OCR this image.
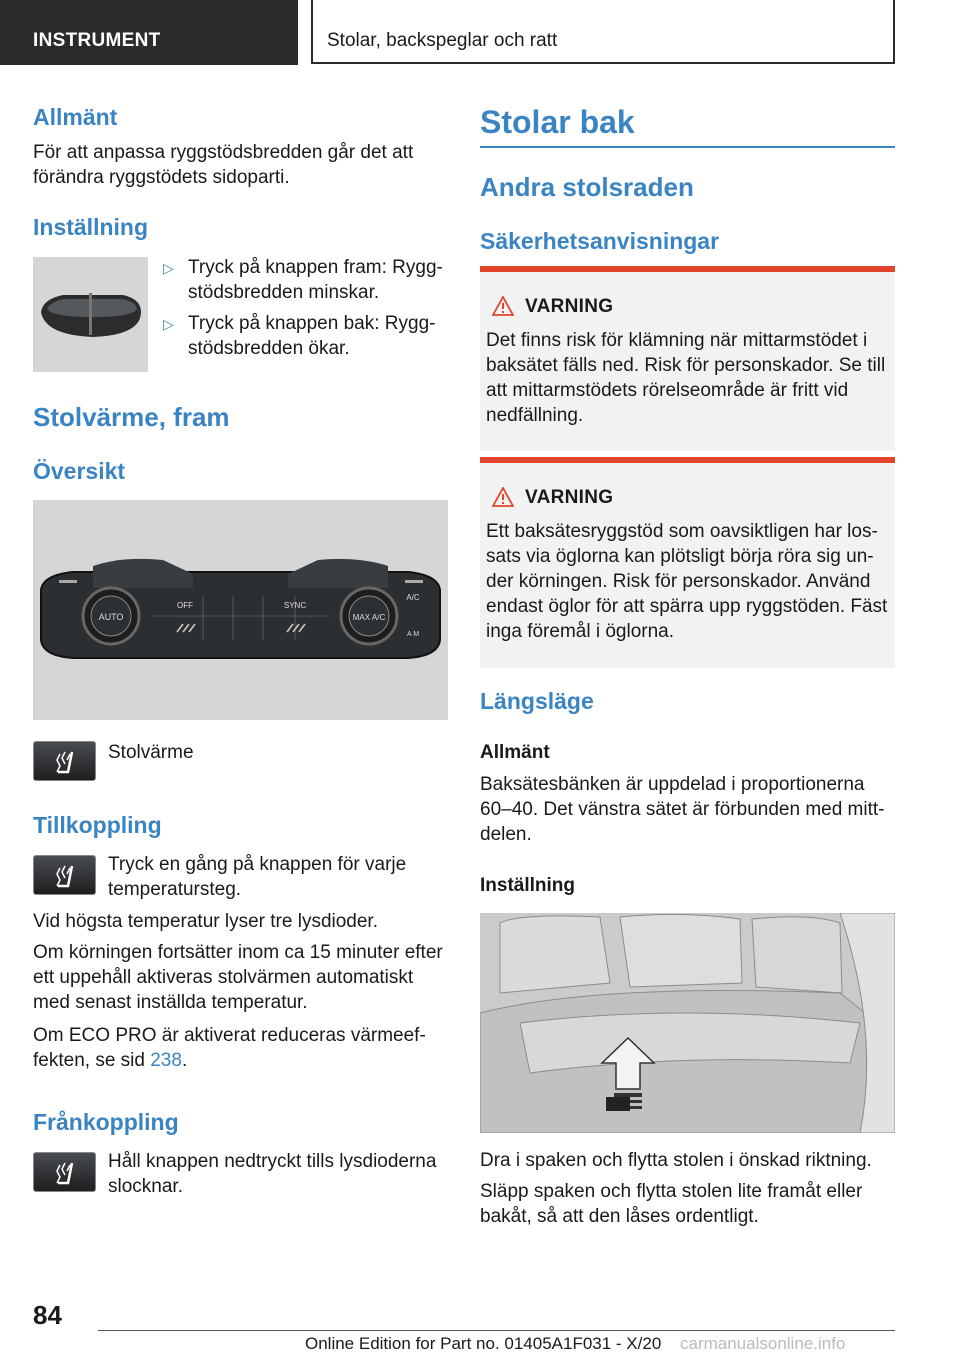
INSTRUMENT	Stolar, backspeglar och ratt
Allmänt
För att anpassa ryggstödsbredden går det att förändra ryggstödets sidoparti.
Inställning
▷ Tryck på knappen fram: Ryggstödsbredden minskar.
▷ Tryck på knappen bak: Ryggstödsbredden ökar.
Stolvärme, fram
Översikt
AUTO
OFF	SYNC
MAX A/C
A/C
A M
Stolvärme
Tillkoppling
Tryck en gång på knappen för varje temperatursteg.
Vid högsta temperatur lyser tre lysdioder.
Om körningen fortsätter inom ca 15 minuter efter ett uppehåll aktiveras stolvärmen automatiskt med senast inställda temperatur.
Om ECO PRO är aktiverat reduceras värmeeffekten, se sid 238.
Frånkoppling
Håll knappen nedtryckt tills lysdioderna slocknar.
Stolar bak
Andra stolsraden
Säkerhetsanvisningar
VARNING
Det finns risk för klämning när mittarmstödet i baksätet fälls ned. Risk för personskador. Se till att mittarmstödets rörelseområde är fritt vid nedfällning.
VARNING
Ett baksätesryggstöd som oavsiktligen har lossats via öglorna kan plötsligt börja röra sig under körningen. Risk för personskador. Använd endast öglor för att spärra upp ryggstöden. Fäst inga föremål i öglorna.
Längsläge
Allmänt
Baksätesbänken är uppdelad i proportionerna 60–40. Det vänstra sätet är förbunden med mittdelen.
Inställning
Dra i spaken och flytta stolen i önskad riktning.
Släpp spaken och flytta stolen lite framåt eller bakåt, så att den låses ordentligt.
84
Online Edition for Part no. 01405A1F031 - X/20 carmanualsonline.info
